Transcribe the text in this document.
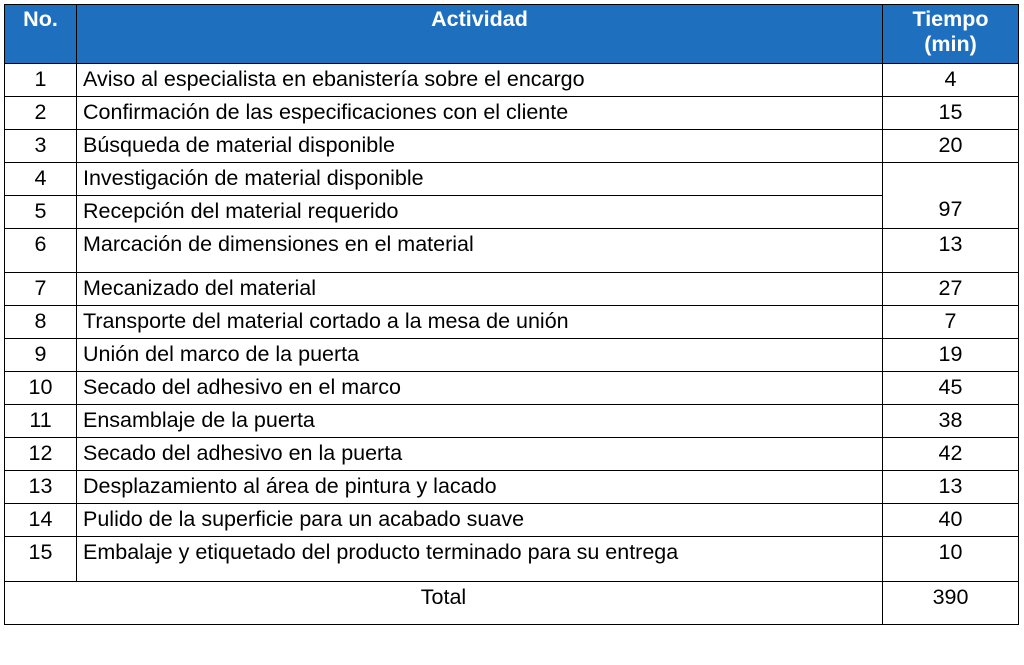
No.	Actividad	Tiempo
(min)
1	Aviso al especialista en ebanistería sobre el encargo	4
2	Confirmación de las especificaciones con el cliente	15
3	Búsqueda de material disponible	20
4	Investigación de material disponible	97
5	Recepción del material requerido	
6	Marcación de dimensiones en el material	13
7	Mecanizado del material	27
8	Transporte del material cortado a la mesa de unión	7
9	Unión del marco de la puerta	19
10	Secado del adhesivo en el marco	45
11	Ensamblaje de la puerta	38
12	Secado del adhesivo en la puerta	42
13	Desplazamiento al área de pintura y lacado	13
14	Pulido de la superficie para un acabado suave	40
15	Embalaje y etiquetado del producto terminado para su entrega	10
Total		390
